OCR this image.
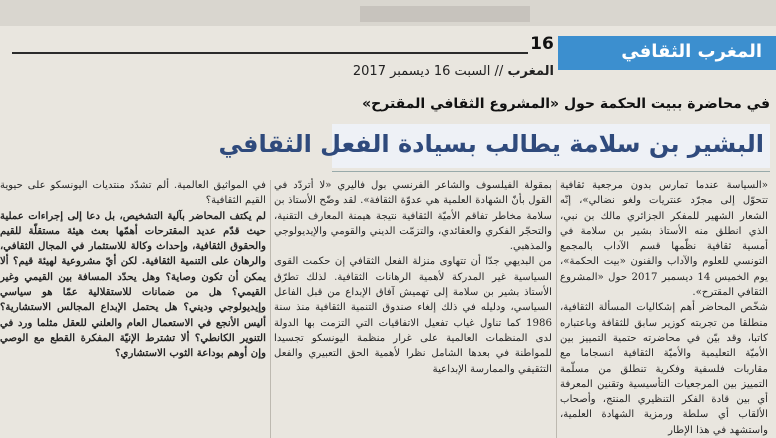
المغرب الثقافي
16
المغرب // السبت 16 ديسمبر 2017
في محاضرة ببيت الحكمة حول «المشروع الثقافي المقترح»
البشير بن سلامة يطالب بسيادة الفعل الثقافي

«السياسة عندما تمارس بدون مرجعية ثقافية تتحوّل إلى مجرّد عنتريات ولغو نضالي»، إنّه الشعار الشهير للمفكر الجزائري مالك بن نبي، الذي انطلق منه الأستاذ بشير بن سلامة في أمسية ثقافية نظّمها قسم الآداب بالمجمع التونسي للعلوم والآداب والفنون «بيت الحكمة»، يوم الخميس 14 ديسمبر 2017 حول «المشروع الثقافي المقترح».

شخّص المحاضر أهم إشكاليات المسألة الثقافية، منطلقا من تجربته كوزير سابق للثقافة وباعتباره كاتبا، وقد بيّن في محاضرته حتمية التمييز بين الأميّة التعليمية والأميّة الثقافية انسجاما مع مقاربات فلسفية وفكرية تنطلق من مسلّمة التمييز بين المرجعيات التأسيسية وتقنين المعرفة أي بين قادة الفكر التنظيري المنتج، وأصحاب الألقاب أي سلطة ورمزية الشهادة العلمية، واستشهد في هذا الإطار

بمقولة الفيلسوف والشاعر الفرنسي بول فاليري «لا أتردّد في القول بأنّ الشهادة العلمية هي عدوّة الثقافة». لقد وضّح الأستاذ بن سلامة مخاطر تفاقم الأميّة الثقافية نتيجة هيمنة المعارف التقنية، والتحجّر الفكري والعقائدي، والتزمّت الديني والقومي والإيديولوجي والمذهبي.

من البديهي جدّا أن تتهاوى منزلة الفعل الثقافي إن حكمت القوى السياسية غير المدركة لأهمية الرهانات الثقافية. لذلك تطرّق الأستاذ بشير بن سلامة إلى تهميش آفاق الإبداع من قبل الفاعل السياسي، ودليله في ذلك إلغاء صندوق التنمية الثقافية منذ سنة 1986 كما تناول غياب تفعيل الاتفاقيات التي التزمت بها الدولة لدى المنظمات العالمية على غرار منظمة اليونسكو تجسيدا للمواطنة في بعدها الشامل نظرا لأهمية الحق التعبيري والفعل التثقيفي والممارسة الإبداعية

في المواثيق العالمية. ألم تشدّد منتديات اليونسكو على حيوية القيم الثقافية؟

لم يكتف المحاضر بآلية التشخيص، بل دعا إلى إجراءات عملية حيث قدّم عديد المقترحات أهمّها بعث هيئة مستقلّة للقيم والحقوق الثقافية، وإحداث وكالة للاستثمار في المجال الثقافي، والرهان على التنمية الثقافية. لكن أيّ مشروعية لهيئة قيم؟ ألا يمكن أن تكون وصاية؟ وهل يحدّد المسافة بين القيمي وغير القيمي؟ هل من ضمانات للاستقلالية عمّا هو سياسي وإيديولوجي وديني؟ هل يحتمل الإبداع المجالس الاستشارية؟ أليس الأنجع في الاستعمال العام والعلني للعقل مثلما ورد في التنوير الكانطي؟ ألا تشترط الإنيّة المفكرة القطع مع الوصي وإن أوهم بوداعة الثوب الاستشاري؟
